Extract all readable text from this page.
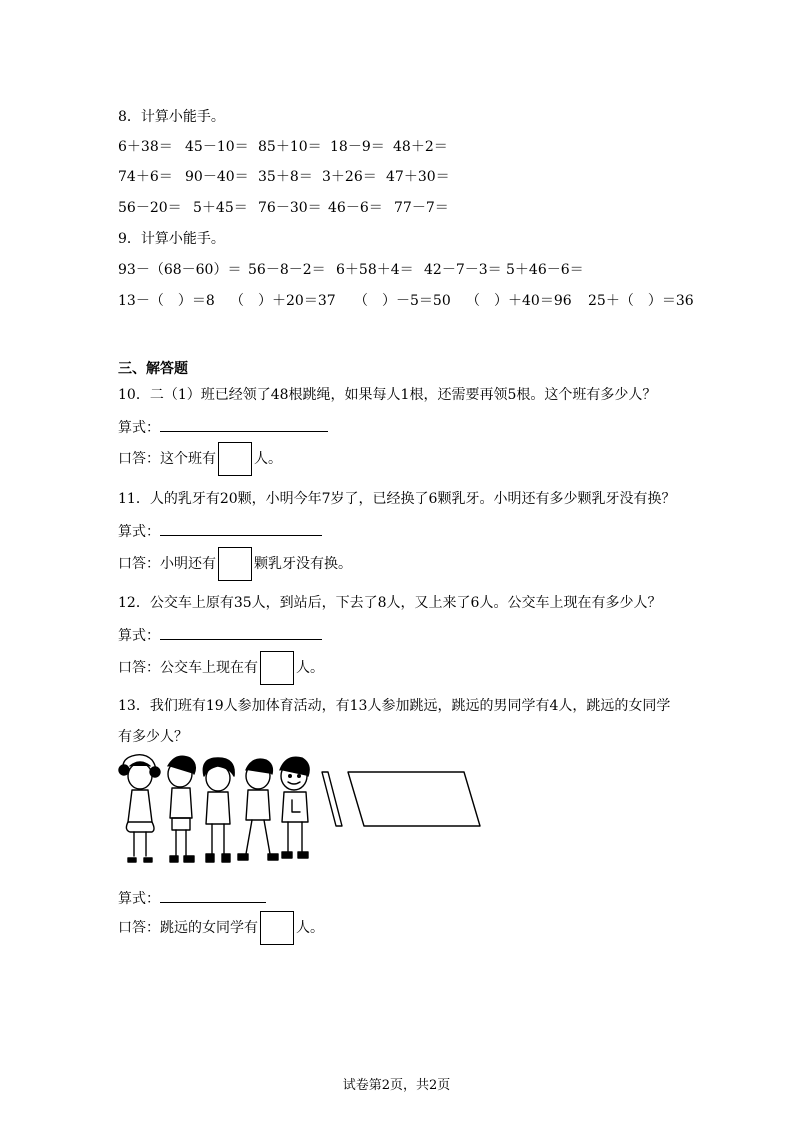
8．计算小能手。
6＋38＝ 45－10＝ 85＋10＝ 18－9＝ 48＋2＝
74＋6＝ 90－40＝ 35＋8＝ 3＋26＝ 47＋30＝
56－20＝ 5＋45＝ 76－30＝ 46－6＝ 77－7＝
9．计算小能手。
93－（68－60）＝ 56－8－2＝ 6＋58＋4＝ 42－7－3＝ 5＋46－6＝
13－（　）＝8 （　）＋20＝37 （　）－5＝50 （　）＋40＝96 25＋（　）＝36
三、解答题
10．二（1）班已经领了48根跳绳，如果每人1根，还需要再领5根。这个班有多少人？
算式：
口答：这个班有	人。
11．人的乳牙有20颗，小明今年7岁了，已经换了6颗乳牙。小明还有多少颗乳牙没有换？
算式：
口答：小明还有	颗乳牙没有换。
12．公交车上原有35人，到站后，下去了8人，又上来了6人。公交车上现在有多少人？
算式：
口答：公交车上现在有	人。
13．我们班有19人参加体育活动，有13人参加跳远，跳远的男同学有4人，跳远的女同学
有多少人？
算式：
口答：跳远的女同学有	人。
试卷第2页，共2页
